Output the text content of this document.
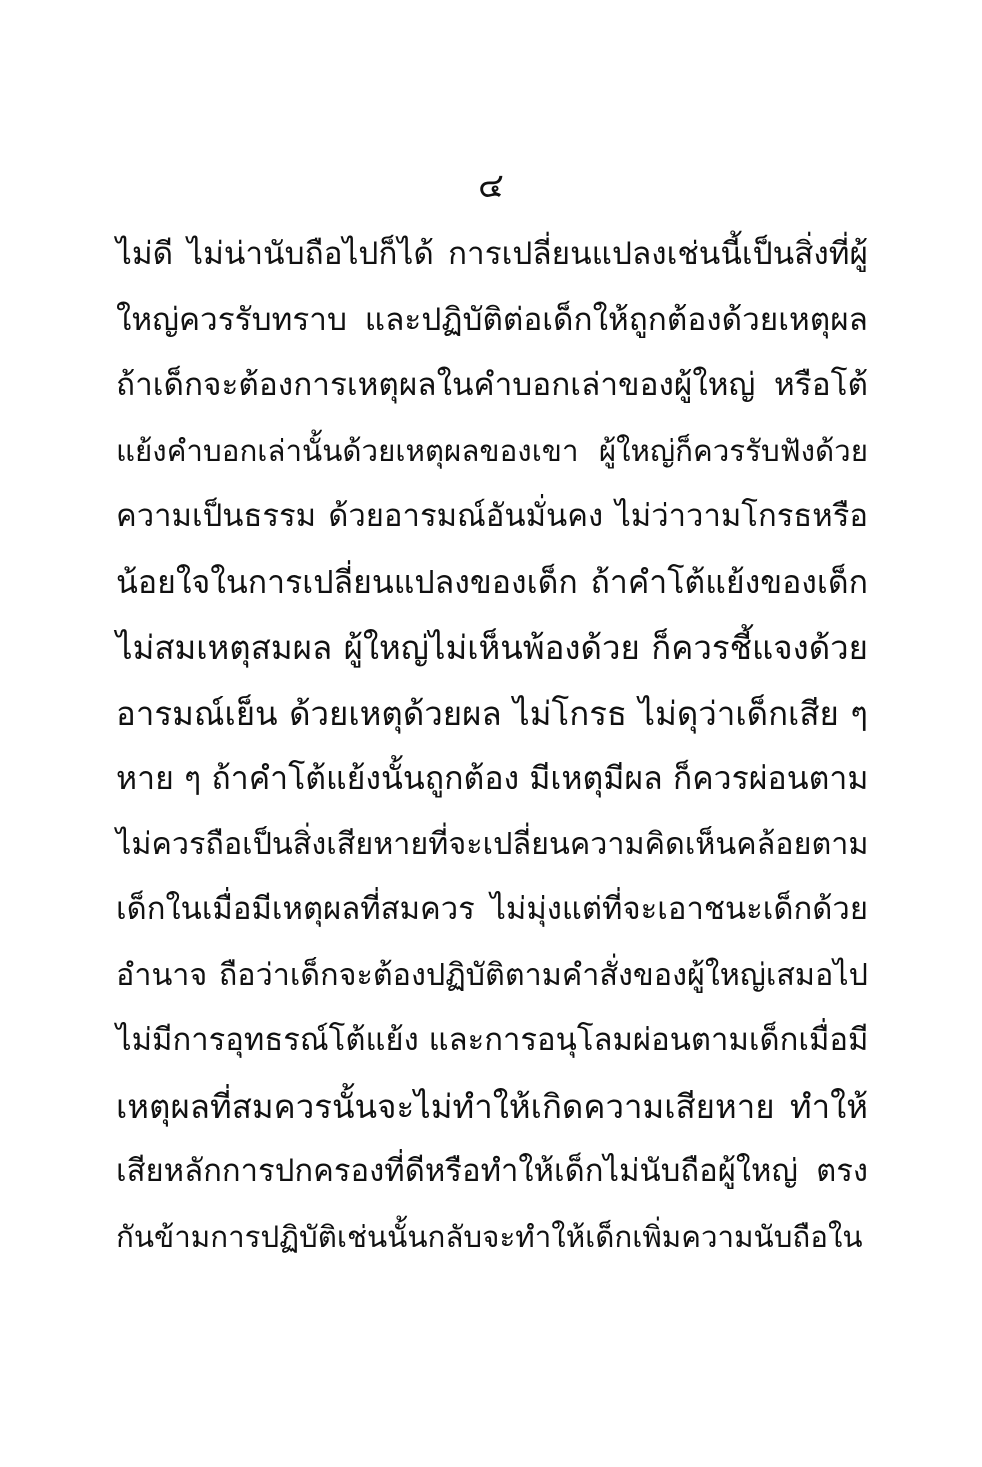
๔
ไม่ดี ไม่น่านับถือไปก็ได้ การเปลี่ยนแปลงเช่นนี้เป็นสิ่งที่ผู้
ใหญ่ควรรับทราบ และปฏิบัติต่อเด็กให้ถูกต้องด้วยเหตุผล
ถ้าเด็กจะต้องการเหตุผลในคำบอกเล่าของผู้ใหญ่ หรือโต้
แย้งคำบอกเล่านั้นด้วยเหตุผลของเขา ผู้ใหญ่ก็ควรรับฟังด้วย
ความเป็นธรรม ด้วยอารมณ์อันมั่นคง ไม่ว่าวามโกรธหรือ
น้อยใจในการเปลี่ยนแปลงของเด็ก ถ้าคำโต้แย้งของเด็ก
ไม่สมเหตุสมผล ผู้ใหญ่ไม่เห็นพ้องด้วย ก็ควรชี้แจงด้วย
อารมณ์เย็น ด้วยเหตุด้วยผล ไม่โกรธ ไม่ดุว่าเด็กเสีย ๆ
หาย ๆ ถ้าคำโต้แย้งนั้นถูกต้อง มีเหตุมีผล ก็ควรผ่อนตาม
ไม่ควรถือเป็นสิ่งเสียหายที่จะเปลี่ยนความคิดเห็นคล้อยตาม
เด็กในเมื่อมีเหตุผลที่สมควร ไม่มุ่งแต่ที่จะเอาชนะเด็กด้วย
อำนาจ ถือว่าเด็กจะต้องปฏิบัติตามคำสั่งของผู้ใหญ่เสมอไป
ไม่มีการอุทธรณ์โต้แย้ง และการอนุโลมผ่อนตามเด็กเมื่อมี
เหตุผลที่สมควรนั้นจะไม่ทำให้เกิดความเสียหาย ทำให้
เสียหลักการปกครองที่ดีหรือทำให้เด็กไม่นับถือผู้ใหญ่ ตรง
กันข้ามการปฏิบัติเช่นนั้นกลับจะทำให้เด็กเพิ่มความนับถือใน
